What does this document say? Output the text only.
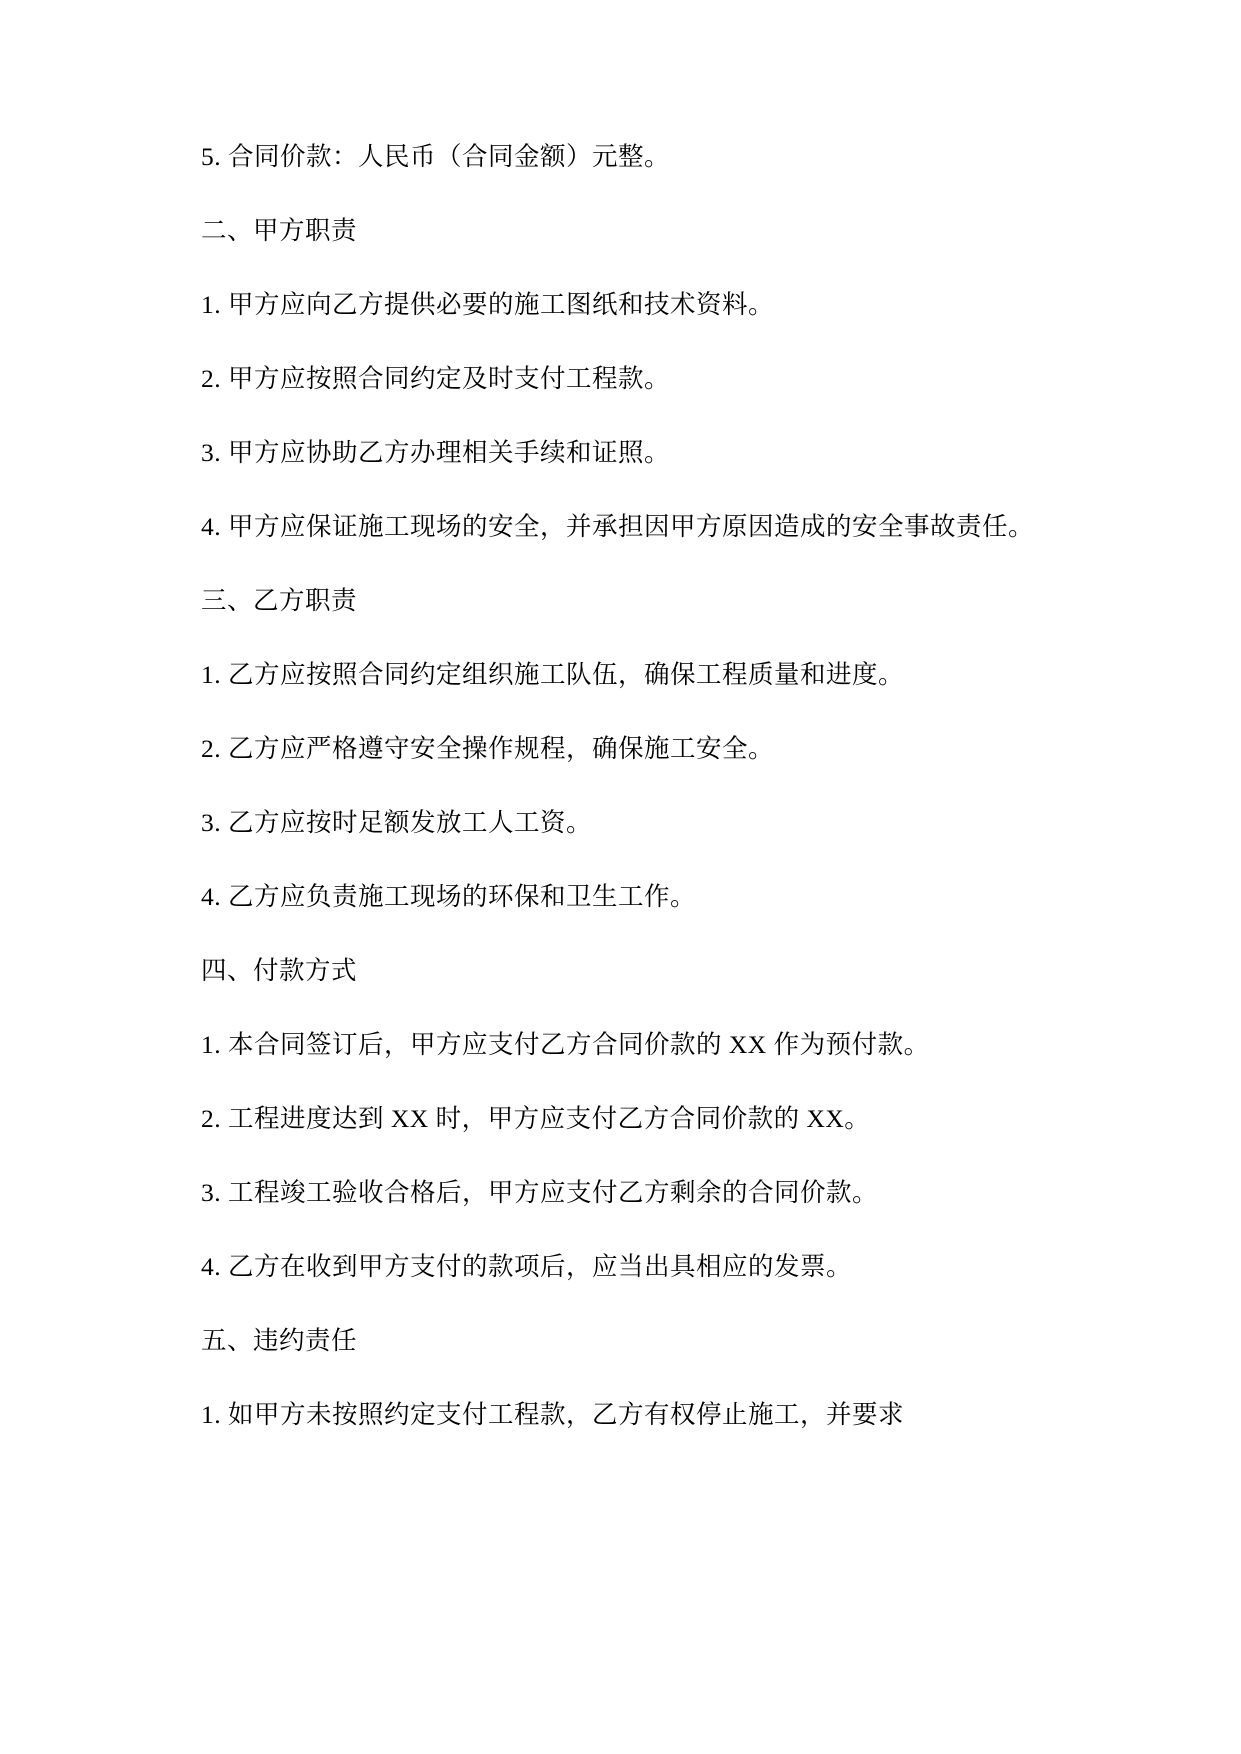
5. 合同价款：人民币（合同金额）元整。

二、甲方职责

1. 甲方应向乙方提供必要的施工图纸和技术资料。

2. 甲方应按照合同约定及时支付工程款。

3. 甲方应协助乙方办理相关手续和证照。

4. 甲方应保证施工现场的安全，并承担因甲方原因造成的安全事故责任。

三、乙方职责

1. 乙方应按照合同约定组织施工队伍，确保工程质量和进度。

2. 乙方应严格遵守安全操作规程，确保施工安全。

3. 乙方应按时足额发放工人工资。

4. 乙方应负责施工现场的环保和卫生工作。

四、付款方式

1. 本合同签订后，甲方应支付乙方合同价款的 XX 作为预付款。

2. 工程进度达到 XX 时，甲方应支付乙方合同价款的 XX。

3. 工程竣工验收合格后，甲方应支付乙方剩余的合同价款。

4. 乙方在收到甲方支付的款项后，应当出具相应的发票。

五、违约责任

1. 如甲方未按照约定支付工程款，乙方有权停止施工，并要求
